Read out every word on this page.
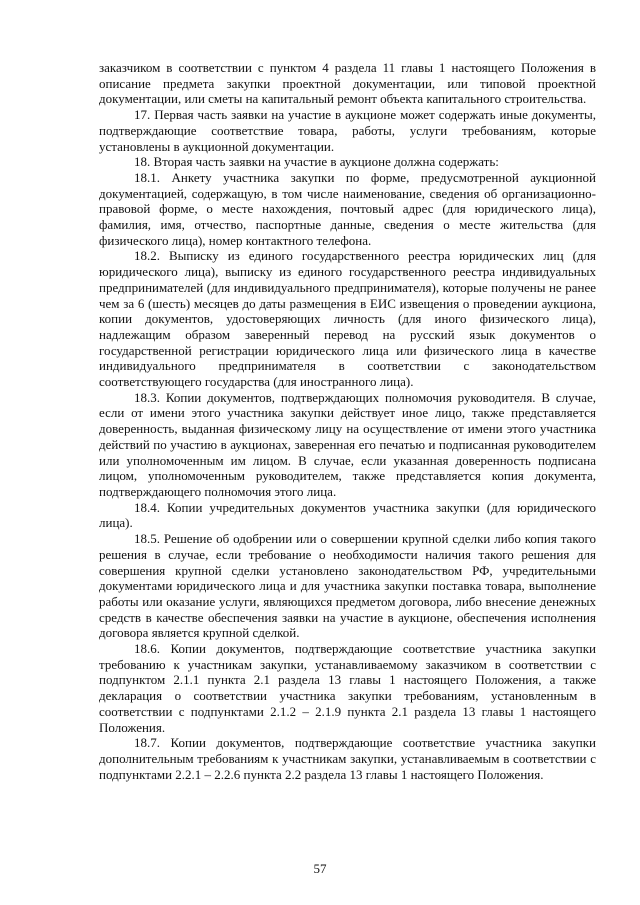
заказчиком в соответствии с пунктом 4 раздела 11 главы 1 настоящего Положения в описание предмета закупки проектной документации, или типовой проектной документации, или сметы на капитальный ремонт объекта капитального строительства.

17. Первая часть заявки на участие в аукционе может содержать иные документы, подтверждающие соответствие товара, работы, услуги требованиям, которые установлены в аукционной документации.

18. Вторая часть заявки на участие в аукционе должна содержать:

18.1. Анкету участника закупки по форме, предусмотренной аукционной документацией, содержащую, в том числе наименование, сведения об организационно-правовой форме, о месте нахождения, почтовый адрес (для юридического лица), фамилия, имя, отчество, паспортные данные, сведения о месте жительства (для физического лица), номер контактного телефона.

18.2. Выписку из единого государственного реестра юридических лиц (для юридического лица), выписку из единого государственного реестра индивидуальных предпринимателей (для индивидуального предпринимателя), которые получены не ранее чем за 6 (шесть) месяцев до даты размещения в ЕИС извещения о проведении аукциона, копии документов, удостоверяющих личность (для иного физического лица), надлежащим образом заверенный перевод на русский язык документов о государственной регистрации юридического лица или физического лица в качестве индивидуального предпринимателя в соответствии с законодательством соответствующего государства (для иностранного лица).

18.3. Копии документов, подтверждающих полномочия руководителя. В случае, если от имени этого участника закупки действует иное лицо, также представляется доверенность, выданная физическому лицу на осуществление от имени этого участника действий по участию в аукционах, заверенная его печатью и подписанная руководителем или уполномоченным им лицом. В случае, если указанная доверенность подписана лицом, уполномоченным руководителем, также представляется копия документа, подтверждающего полномочия этого лица.

18.4. Копии учредительных документов участника закупки (для юридического лица).

18.5. Решение об одобрении или о совершении крупной сделки либо копия такого решения в случае, если требование о необходимости наличия такого решения для совершения крупной сделки установлено законодательством РФ, учредительными документами юридического лица и для участника закупки поставка товара, выполнение работы или оказание услуги, являющихся предметом договора, либо внесение денежных средств в качестве обеспечения заявки на участие в аукционе, обеспечения исполнения договора является крупной сделкой.

18.6. Копии документов, подтверждающие соответствие участника закупки требованию к участникам закупки, устанавливаемому заказчиком в соответствии с подпунктом 2.1.1 пункта 2.1 раздела 13 главы 1 настоящего Положения, а также декларация о соответствии участника закупки требованиям, установленным в соответствии с подпунктами 2.1.2 – 2.1.9 пункта 2.1 раздела 13 главы 1 настоящего Положения.

18.7. Копии документов, подтверждающие соответствие участника закупки дополнительным требованиям к участникам закупки, устанавливаемым в соответствии с подпунктами 2.2.1 – 2.2.6 пункта 2.2 раздела 13 главы 1 настоящего Положения.

57
